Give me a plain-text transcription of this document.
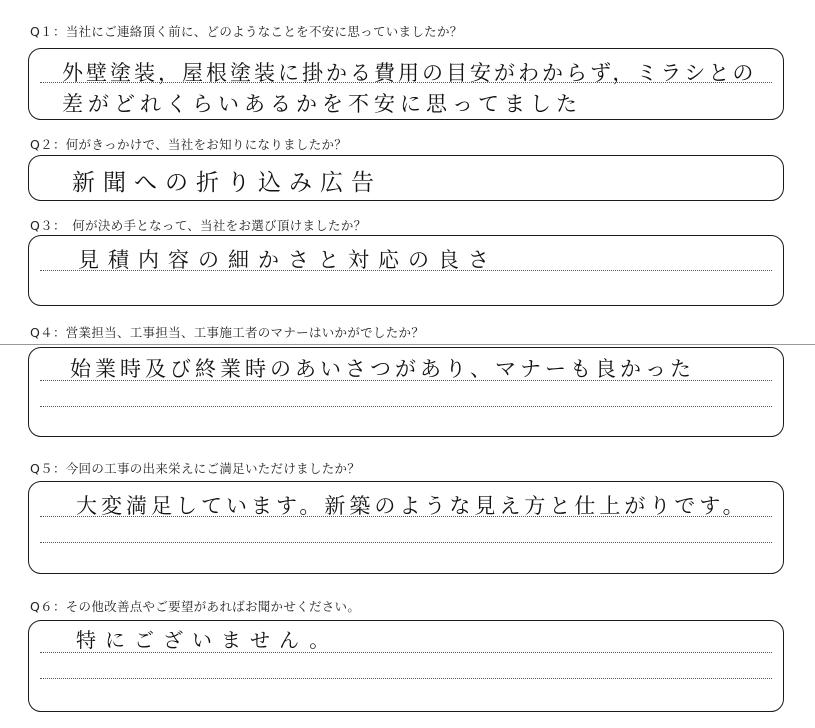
Q１：当社にご連絡頂く前に、どのようなことを不安に思っていましたか？
外壁塗装，屋根塗装に掛かる費用の目安がわからず，ミラシとの
差がどれくらいあるかを不安に思ってました
Q２：何がきっかけで、当社をお知りになりましたか？
新聞への折り込み広告
Q３：　何が決め手となって、当社をお選び頂けましたか？
見積内容の細かさと対応の良さ
Q４：営業担当、工事担当、工事施工者のマナーはいかがでしたか？
始業時及び終業時のあいさつがあり、マナーも良かった
Q５：今回の工事の出来栄えにご満足いただけましたか？
大変満足しています。新築のような見え方と仕上がりです。
Q６：その他改善点やご要望があればお聞かせください。
特にございません。
